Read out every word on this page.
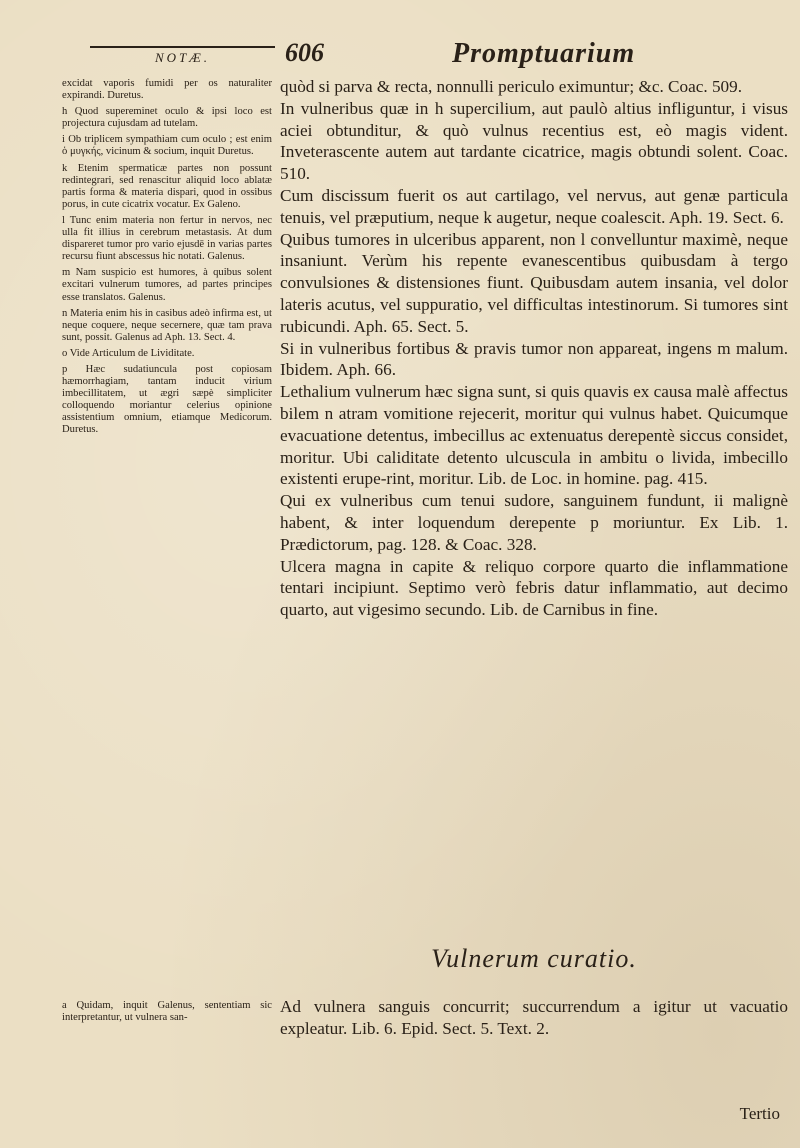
NOTÆ.	606	Promptuarium

excidat vaporis fumidi per os naturaliter expirandi. Duretus.

h Quod supereminet oculo & ipsi loco est projectura cujusdam ad tutelam.

i Ob triplicem sympathiam cum oculo ; est enim ὁ μυγκής, vicinum & socium, inquit Duretus.

k Etenim spermaticæ partes non possunt redintegrari, sed renascitur aliquid loco ablatæ partis forma & materia dispari, quod in ossibus porus, in cute cicatrix vocatur. Ex Galeno.

l Tunc enim materia non fertur in nervos, nec ulla fit illius in cerebrum metastasis. At dum dispareret tumor pro vario ejusdē in varias partes recursu fiunt abscessus hic notati. Galenus.

m Nam suspicio est humores, à quibus solent excitari vulnerum tumores, ad partes principes esse translatos. Galenus.

n Materia enim his in casibus adeò infirma est, ut neque coquere, neque secernere, quæ tam prava sunt, possit. Galenus ad Aph. 13. Sect. 4.

o Vide Articulum de Lividitate.

p Hæc sudatiuncula post copiosam hæmorrhagiam, tantam inducit virium imbecillitatem, ut ægri sæpè simpliciter colloquendo moriantur celerius opinione assistentium omnium, etiamque Medicorum. Duretus.

quòd si parva & recta, nonnulli periculo eximuntur; &c. Coac. 509.

In vulneribus quæ in h supercilium, aut paulò altius infliguntur, i visus aciei obtunditur, & quò vulnus recentius est, eò magis vident. Inveterascente autem aut tardante cicatrice, magis obtundi solent. Coac. 510.

Cum discissum fuerit os aut cartilago, vel nervus, aut genæ particula tenuis, vel præputium, neque k augetur, neque coalescit. Aph. 19. Sect. 6.

Quibus tumores in ulceribus apparent, non l convelluntur maximè, neque insaniunt. Verùm his repente evanescentibus quibusdam à tergo convulsiones & distensiones fiunt. Quibusdam autem insania, vel dolor lateris acutus, vel suppuratio, vel difficultas intestinorum. Si tumores sint rubicundi. Aph. 65. Sect. 5.

Si in vulneribus fortibus & pravis tumor non appareat, ingens m malum. Ibidem. Aph. 66.

Lethalium vulnerum hæc signa sunt, si quis quavis ex causa malè affectus bilem n atram vomitione rejecerit, moritur qui vulnus habet. Quicumque evacuatione detentus, imbecillus ac extenuatus derepentè siccus considet, moritur. Ubi caliditate detento ulcuscula in ambitu o livida, imbecillo existenti erupe-rint, moritur. Lib. de Loc. in homine. pag. 415.

Qui ex vulneribus cum tenui sudore, sanguinem fundunt, ii malignè habent, & inter loquendum derepente p moriuntur. Ex Lib. 1. Prædictorum, pag. 128. & Coac. 328.

Ulcera magna in capite & reliquo corpore quarto die inflammatione tentari incipiunt. Septimo verò febris datur inflammatio, aut decimo quarto, aut vigesimo secundo. Lib. de Carnibus in fine.

Vulnerum curatio.

a Quidam, inquit Galenus, sententiam sic interpretantur, ut vulnera san-

Ad vulnera sanguis concurrit; succurrendum a igitur ut vacuatio expleatur. Lib. 6. Epid. Sect. 5. Text. 2.

Tertio
